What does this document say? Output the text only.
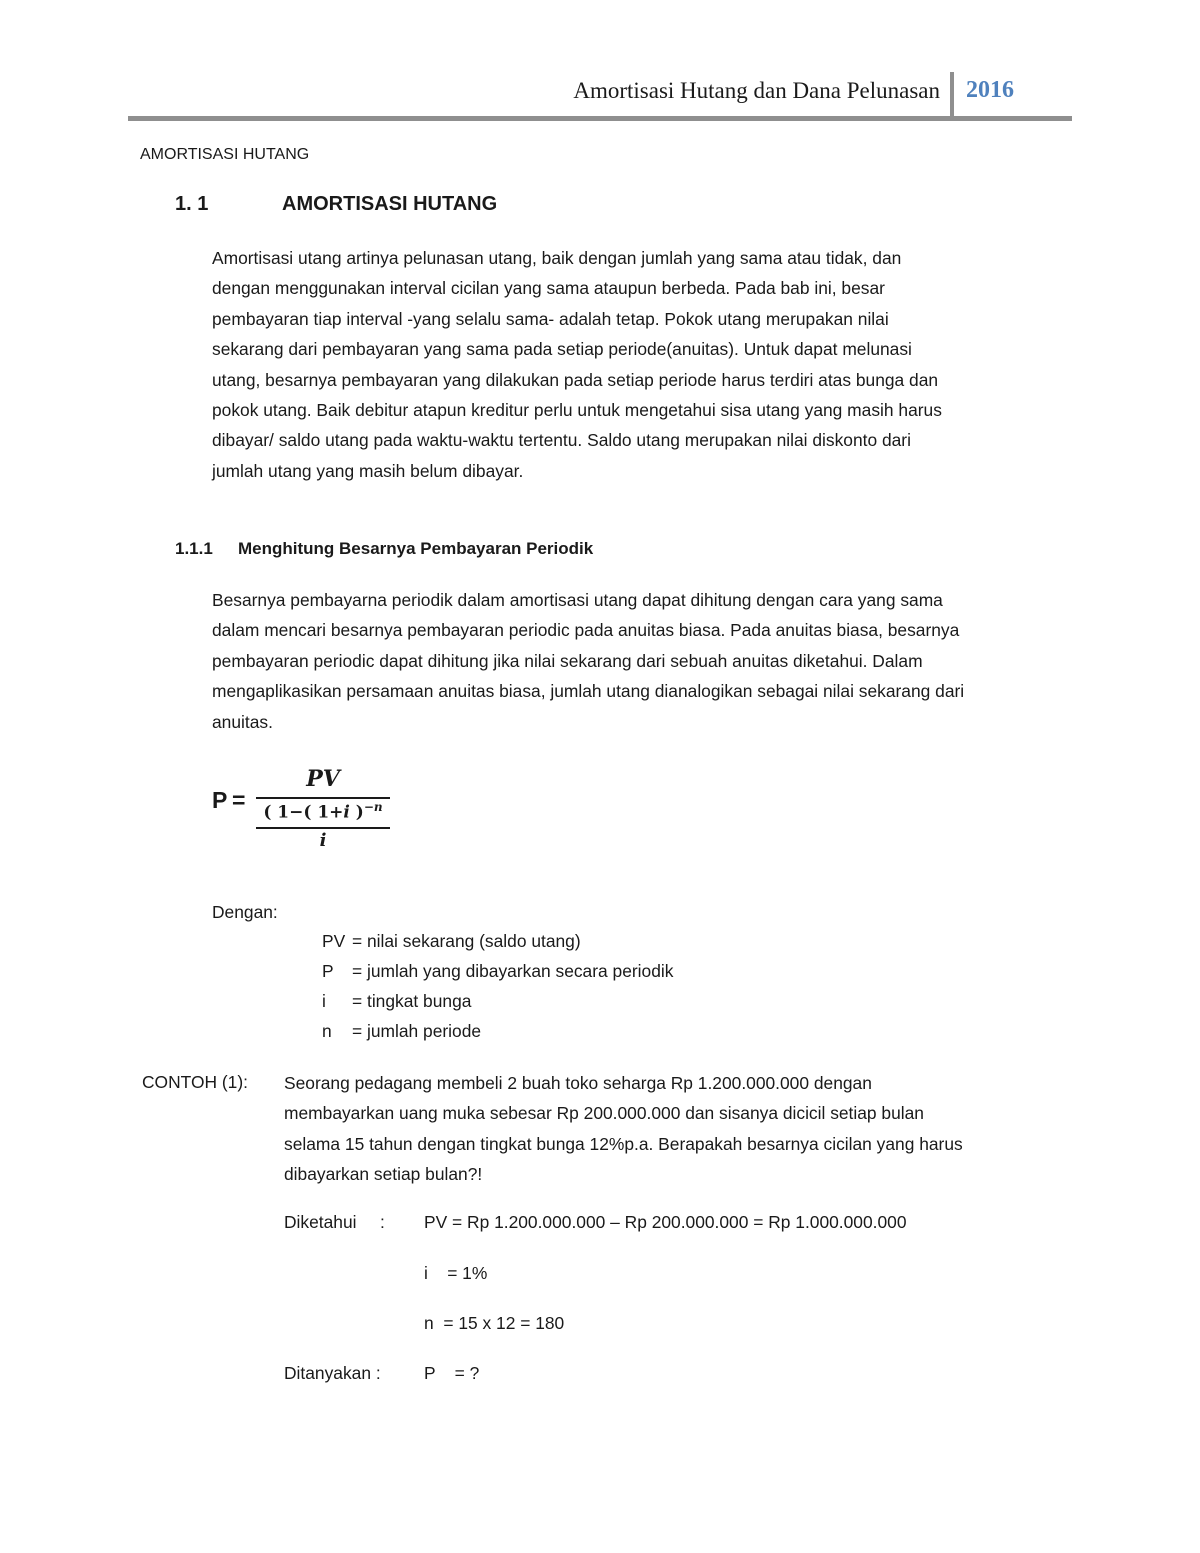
Amortisasi Hutang dan Dana Pelunasan 2016
AMORTISASI HUTANG
1. 1	AMORTISASI HUTANG
Amortisasi utang artinya pelunasan utang, baik dengan jumlah yang sama atau tidak, dan
dengan menggunakan interval cicilan yang sama ataupun berbeda. Pada bab ini, besar
pembayaran tiap interval -yang selalu sama- adalah tetap. Pokok utang merupakan nilai
sekarang dari pembayaran yang sama pada setiap periode(anuitas). Untuk dapat melunasi
utang, besarnya pembayaran yang dilakukan pada setiap periode harus terdiri atas bunga dan
pokok utang. Baik debitur atapun kreditur perlu untuk mengetahui sisa utang yang masih harus
dibayar/ saldo utang pada waktu-waktu tertentu. Saldo utang merupakan nilai diskonto dari
jumlah utang yang masih belum dibayar.
1.1.1 Menghitung Besarnya Pembayaran Periodik
Besarnya pembayarna periodik dalam amortisasi utang dapat dihitung dengan cara yang sama
dalam mencari besarnya pembayaran periodic pada anuitas biasa. Pada anuitas biasa, besarnya
pembayaran periodic dapat dihitung jika nilai sekarang dari sebuah anuitas diketahui. Dalam
mengaplikasikan persamaan anuitas biasa, jumlah utang dianalogikan sebagai nilai sekarang dari
anuitas.
P =
PV
( 1−( 1+i )$^{-n}$
i
Dengan:
PV = nilai sekarang (saldo utang)
P = jumlah yang dibayarkan secara periodik
i = tingkat bunga
n = jumlah periode
CONTOH (1): Seorang pedagang membeli 2 buah toko seharga Rp 1.200.000.000 dengan
membayarkan uang muka sebesar Rp 200.000.000 dan sisanya dicicil setiap bulan
selama 15 tahun dengan tingkat bunga 12%p.a. Berapakah besarnya cicilan yang harus
dibayarkan setiap bulan?!
Diketahui : PV = Rp 1.200.000.000 – Rp 200.000.000 = Rp 1.000.000.000
i    = 1%
n  = 15 x 12 = 180
Ditanyakan : P    = ?
